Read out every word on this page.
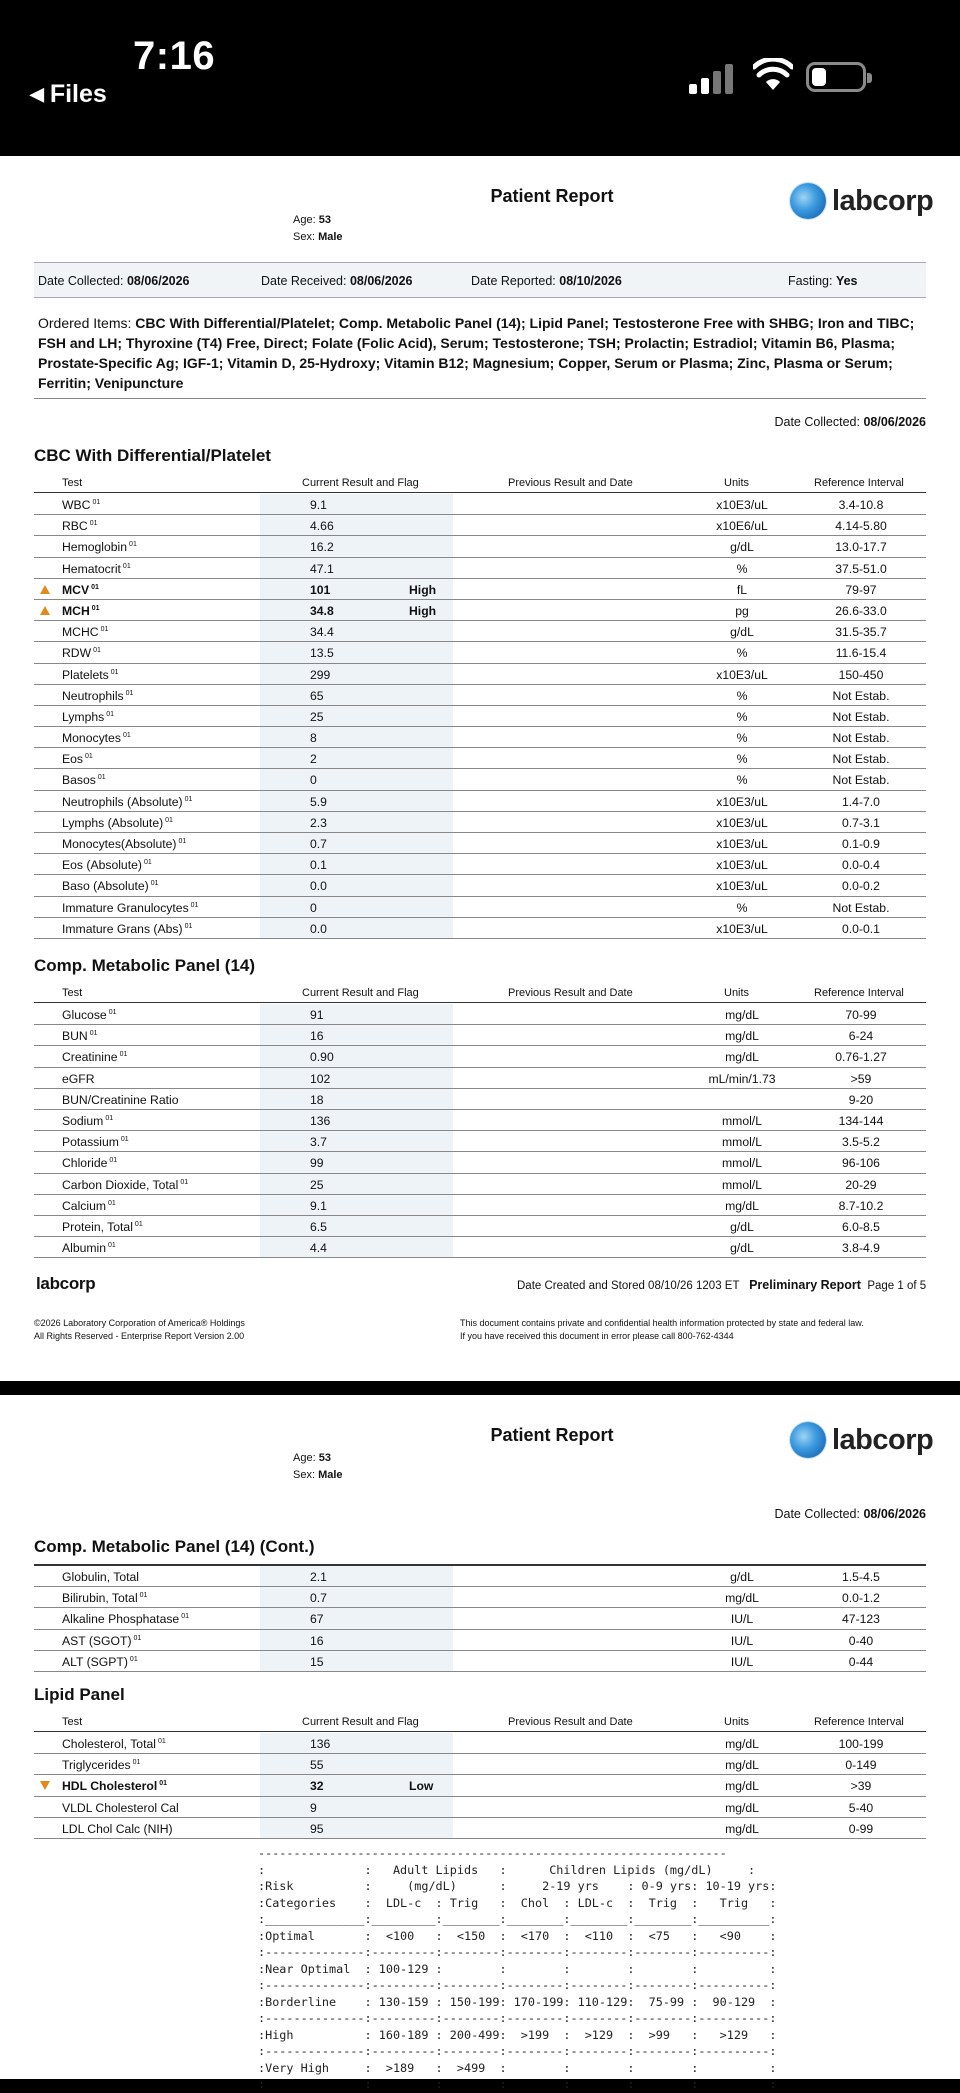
7:16
◀ Files
Patient Report
Age: 53
Sex: Male
labcorp
Date Collected: 08/06/2026	Date Received: 08/06/2026	Date Reported: 08/10/2026	Fasting: Yes
Ordered Items: CBC With Differential/Platelet; Comp. Metabolic Panel (14); Lipid Panel; Testosterone Free with SHBG; Iron and TIBC; FSH and LH; Thyroxine (T4) Free, Direct; Folate (Folic Acid), Serum; Testosterone; TSH; Prolactin; Estradiol; Vitamin B6, Plasma; Prostate-Specific Ag; IGF-1; Vitamin D, 25-Hydroxy; Vitamin B12; Magnesium; Copper, Serum or Plasma; Zinc, Plasma or Serum; Ferritin; Venipuncture
Date Collected: 08/06/2026
CBC With Differential/Platelet
Test	Current Result and Flag	Previous Result and Date	Units	Reference Interval
WBC $^{01}$	9.1	x10E3/uL	3.4-10.8
RBC $^{01}$	4.66	x10E6/uL	4.14-5.80
Hemoglobin $^{01}$	16.2	g/dL	13.0-17.7
Hematocrit $^{01}$	47.1	%	37.5-51.0
MCV $^{01}$	101	High	fL	79-97
MCH $^{01}$	34.8	High	pg	26.6-33.0
MCHC $^{01}$	34.4	g/dL	31.5-35.7
RDW $^{01}$	13.5	%	11.6-15.4
Platelets $^{01}$	299	x10E3/uL	150-450
Neutrophils $^{01}$	65	%	Not Estab.
Lymphs $^{01}$	25	%	Not Estab.
Monocytes $^{01}$	8	%	Not Estab.
Eos $^{01}$	2	%	Not Estab.
Basos $^{01}$	0	%	Not Estab.
Neutrophils (Absolute) $^{01}$	5.9	x10E3/uL	1.4-7.0
Lymphs (Absolute) $^{01}$	2.3	x10E3/uL	0.7-3.1
Monocytes(Absolute) $^{01}$	0.7	x10E3/uL	0.1-0.9
Eos (Absolute) $^{01}$	0.1	x10E3/uL	0.0-0.4
Baso (Absolute) $^{01}$	0.0	x10E3/uL	0.0-0.2
Immature Granulocytes $^{01}$	0	%	Not Estab.
Immature Grans (Abs) $^{01}$	0.0	x10E3/uL	0.0-0.1
Comp. Metabolic Panel (14)
Test	Current Result and Flag	Previous Result and Date	Units	Reference Interval
Glucose $^{01}$	91	mg/dL	70-99
BUN $^{01}$	16	mg/dL	6-24
Creatinine $^{01}$	0.90	mg/dL	0.76-1.27
eGFR	102	mL/min/1.73	>59
BUN/Creatinine Ratio	18	9-20
Sodium $^{01}$	136	mmol/L	134-144
Potassium $^{01}$	3.7	mmol/L	3.5-5.2
Chloride $^{01}$	99	mmol/L	96-106
Carbon Dioxide, Total $^{01}$	25	mmol/L	20-29
Calcium $^{01}$	9.1	mg/dL	8.7-10.2
Protein, Total $^{01}$	6.5	g/dL	6.0-8.5
Albumin $^{01}$	4.4	g/dL	3.8-4.9
labcorp	Date Created and Stored 08/10/26 1203 ET Preliminary Report Page 1 of 5
©2026 Laboratory Corporation of America® Holdings
All Rights Reserved - Enterprise Report Version 2.00
This document contains private and confidential health information protected by state and federal law.
If you have received this document in error please call 800-762-4344
Patient Report
Age: 53
Sex: Male
labcorp
Date Collected: 08/06/2026
Comp. Metabolic Panel (14) (Cont.)
Globulin, Total	2.1	g/dL	1.5-4.5
Bilirubin, Total $^{01}$	0.7	mg/dL	0.0-1.2
Alkaline Phosphatase $^{01}$	67	IU/L	47-123
AST (SGOT) $^{01}$	16	IU/L	0-40
ALT (SGPT) $^{01}$	15	IU/L	0-44
Lipid Panel
Test	Current Result and Flag	Previous Result and Date	Units	Reference Interval
Cholesterol, Total $^{01}$	136	mg/dL	100-199
Triglycerides $^{01}$	55	mg/dL	0-149
HDL Cholesterol $^{01}$	32	Low	mg/dL	>39
VLDL Cholesterol Cal	9	mg/dL	5-40
LDL Chol Calc (NIH)	95	mg/dL	0-99
------------------------------------------------------------------
:              :   Adult Lipids   :      Children Lipids (mg/dL)     :
:Risk          :     (mg/dL)      :     2-19 yrs    : 0-9 yrs: 10-19 yrs:
:Categories    :  LDL-c  : Trig   :  Chol  : LDL-c  :  Trig  :   Trig   :
:______________:_________:________:________:________:________:__________:
:Optimal       :  <100   :  <150  :  <170  :  <110  :  <75   :   <90    :
:--------------:---------:--------:--------:--------:--------:----------:
:Near Optimal  : 100-129 :        :        :        :        :          :
:--------------:---------:--------:--------:--------:--------:----------:
:Borderline    : 130-159 : 150-199: 170-199: 110-129:  75-99 :  90-129  :
:--------------:---------:--------:--------:--------:--------:----------:
:High          : 160-189 : 200-499:  >199  :  >129  :  >99   :   >129   :
:--------------:---------:--------:--------:--------:--------:----------:
:Very High     :  >189   :  >499  :        :        :        :          :
:              :         :        :        :        :        :          :
